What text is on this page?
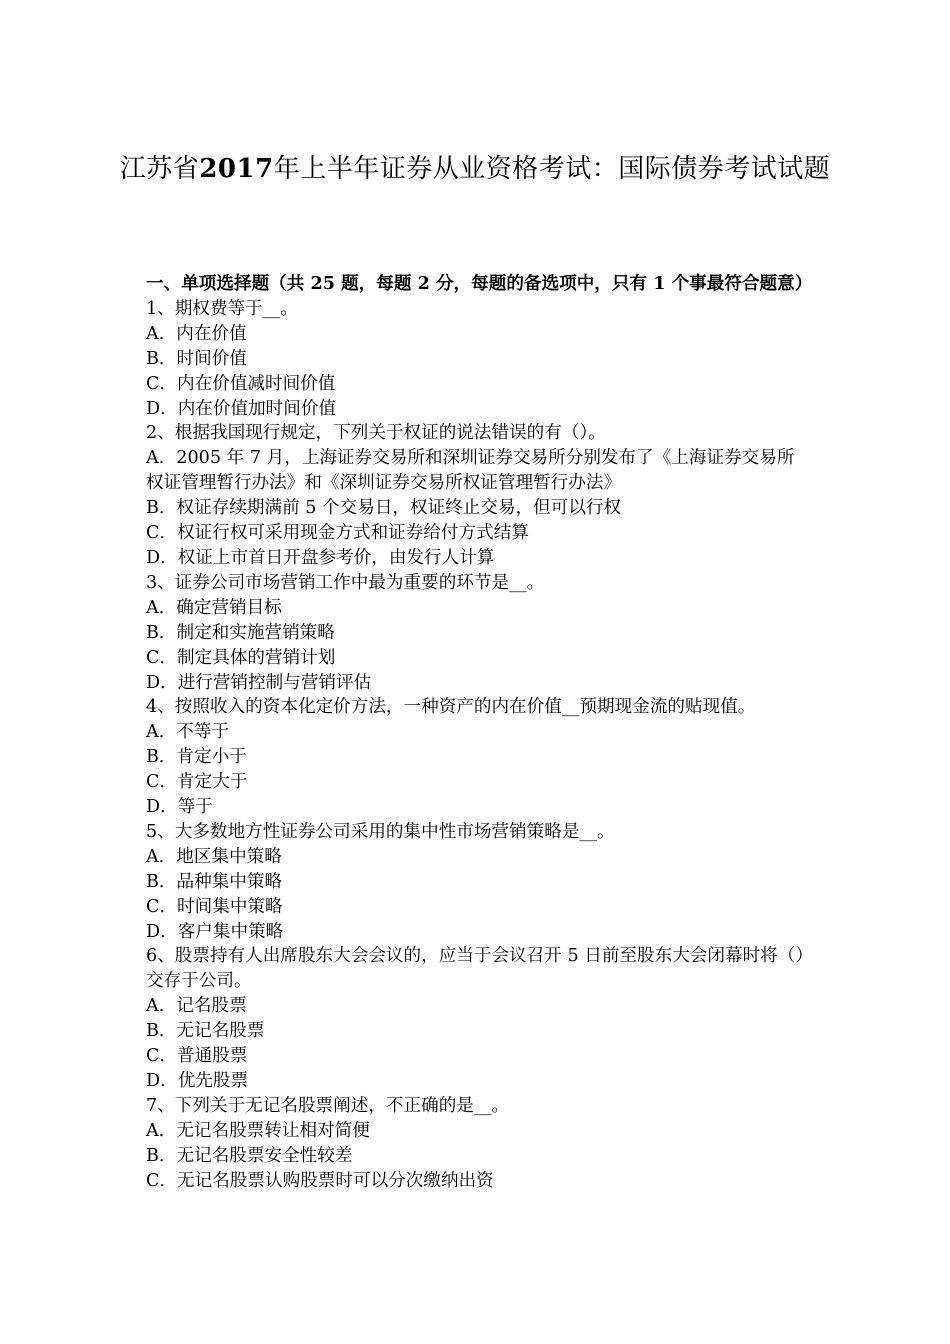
江苏省2017年上半年证券从业资格考试：国际债券考试试题

一、单项选择题（共 25 题，每题 2 分，每题的备选项中，只有 1 个事最符合题意）

1、期权费等于__。

A．内在价值

B．时间价值

C．内在价值减时间价值

D．内在价值加时间价值

2、根据我国现行规定，下列关于权证的说法错误的有（）。

A．2005 年 7 月，上海证券交易所和深圳证券交易所分别发布了《上海证券交易所权证管理暂行办法》和《深圳证券交易所权证管理暂行办法》

B．权证存续期满前 5 个交易日，权证终止交易，但可以行权

C．权证行权可采用现金方式和证券给付方式结算

D．权证上市首日开盘参考价，由发行人计算

3、证券公司市场营销工作中最为重要的环节是__。

A．确定营销目标

B．制定和实施营销策略

C．制定具体的营销计划

D．进行营销控制与营销评估

4、按照收入的资本化定价方法，一种资产的内在价值__预期现金流的贴现值。

A．不等于

B．肯定小于

C．肯定大于

D．等于

5、大多数地方性证券公司采用的集中性市场营销策略是__。

A．地区集中策略

B．品种集中策略

C．时间集中策略

D．客户集中策略

6、股票持有人出席股东大会会议的，应当于会议召开 5 日前至股东大会闭幕时将（）交存于公司。

A．记名股票

B．无记名股票

C．普通股票

D．优先股票

7、下列关于无记名股票阐述，不正确的是__。

A．无记名股票转让相对简便

B．无记名股票安全性较差

C．无记名股票认购股票时可以分次缴纳出资
